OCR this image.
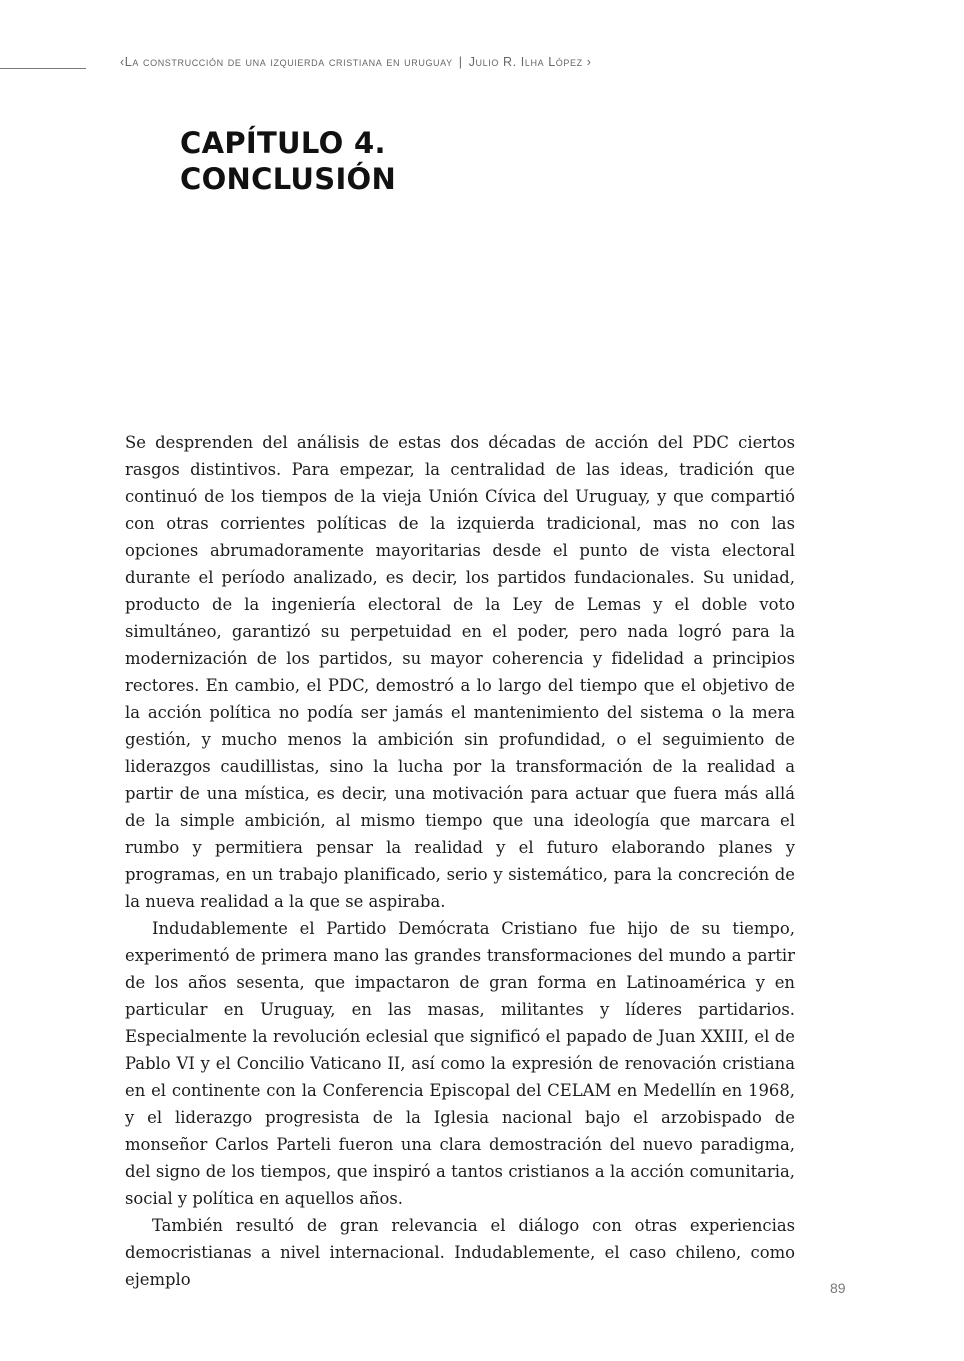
‹La construcción de una izquierda cristiana en uruguay | Julio R. Ilha López ›
CAPÍTULO 4.
CONCLUSIÓN

Se desprenden del análisis de estas dos décadas de acción del PDC ciertos rasgos distintivos. Para empezar, la centralidad de las ideas, tradición que continuó de los tiempos de la vieja Unión Cívica del Uruguay, y que compartió con otras corrientes políticas de la izquierda tradicional, mas no con las opciones abrumadoramente mayoritarias desde el punto de vista electoral durante el período analizado, es decir, los partidos fundacionales. Su unidad, producto de la ingeniería electoral de la Ley de Lemas y el doble voto simultáneo, garantizó su perpetuidad en el poder, pero nada logró para la modernización de los partidos, su mayor coherencia y fidelidad a principios rectores. En cambio, el PDC, demostró a lo largo del tiempo que el objetivo de la acción política no podía ser jamás el mantenimiento del sistema o la mera gestión, y mucho menos la ambición sin profundidad, o el seguimiento de liderazgos caudillistas, sino la lucha por la transformación de la realidad a partir de una mística, es decir, una motivación para actuar que fuera más allá de la simple ambición, al mismo tiempo que una ideología que marcara el rumbo y permitiera pensar la realidad y el futuro elaborando planes y programas, en un trabajo planificado, serio y sistemático, para la concreción de la nueva realidad a la que se aspiraba.

Indudablemente el Partido Demócrata Cristiano fue hijo de su tiempo, experimentó de primera mano las grandes transformaciones del mundo a partir de los años sesenta, que impactaron de gran forma en Latinoamérica y en particular en Uruguay, en las masas, militantes y líderes partidarios. Especialmente la revolución eclesial que significó el papado de Juan XXIII, el de Pablo VI y el Concilio Vaticano II, así como la expresión de renovación cristiana en el continente con la Conferencia Episcopal del CELAM en Medellín en 1968, y el liderazgo progresista de la Iglesia nacional bajo el arzobispado de monseñor Carlos Parteli fueron una clara demostración del nuevo paradigma, del signo de los tiempos, que inspiró a tantos cristianos a la acción comunitaria, social y política en aquellos años.

También resultó de gran relevancia el diálogo con otras experiencias democristianas a nivel internacional. Indudablemente, el caso chileno, como ejemplo	89
